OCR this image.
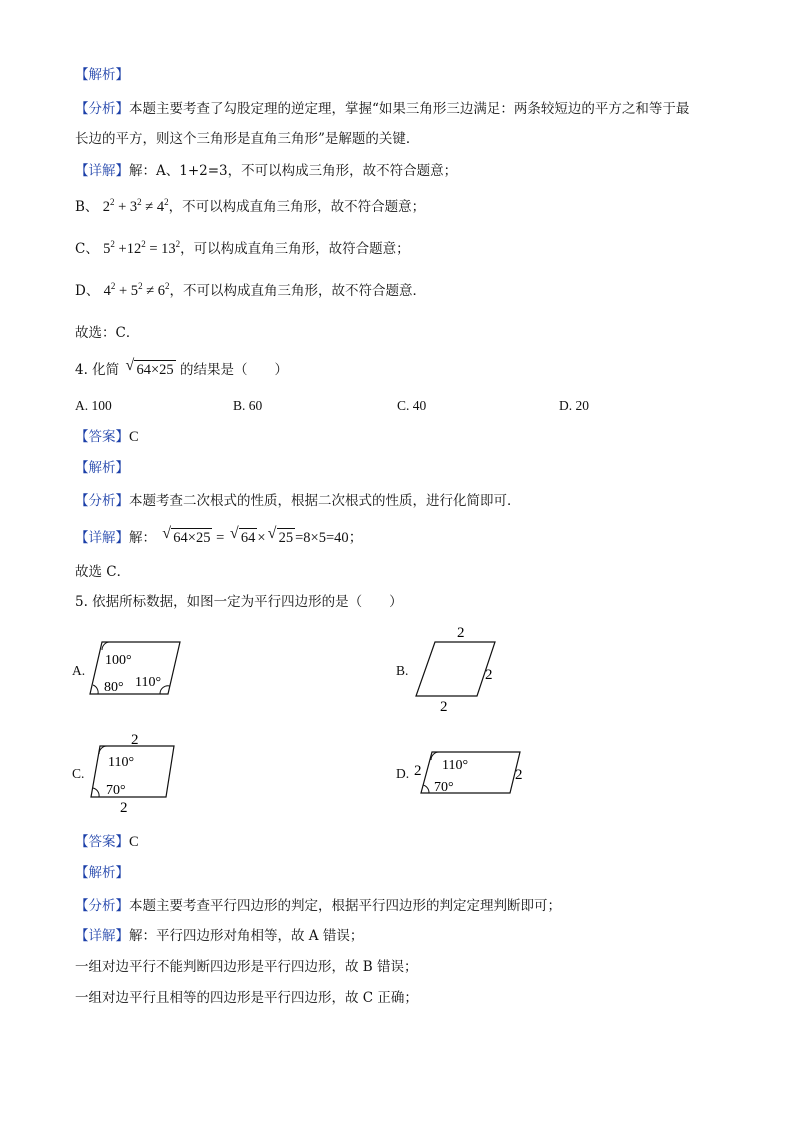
【解析】
【分析】本题主要考查了勾股定理的逆定理，掌握“如果三角形三边满足：两条较短边的平方之和等于最
长边的平方，则这个三角形是直角三角形”是解题的关键．
【详解】解：A、1+2=3，不可以构成三角形，故不符合题意；
B、 $2^2 + 3^2 \ne 4^2$，不可以构成直角三角形，故不符合题意；
C、 $5^2 +12^2 = 13^2$，可以构成直角三角形，故符合题意；
D、 $4^2 + 5^2 \ne 6^2$，不可以构成直角三角形，故不符合题意．
故选：C．
4. 化简 √ 64×25 的结果是（　　）
A. 100	B. 60	C. 40	D. 20
【答案】C
【解析】
【分析】本题考查二次根式的性质，根据二次根式的性质，进行化简即可．
【详解】解： √ 64×25 = √ 64 × √ 25 =8×5=40；
故选 C．
5. 依据所标数据，如图一定为平行四边形的是（　　）
A.
100°
80° 110°
B.
2
2
2
C.
2
110°
70°
2
D. 2 110°
70°
2
【答案】C
【解析】
【分析】本题主要考查平行四边形的判定，根据平行四边形的判定定理判断即可；
【详解】解：平行四边形对角相等，故 A 错误；
一组对边平行不能判断四边形是平行四边形，故 B 错误；
一组对边平行且相等的四边形是平行四边形，故 C 正确；
